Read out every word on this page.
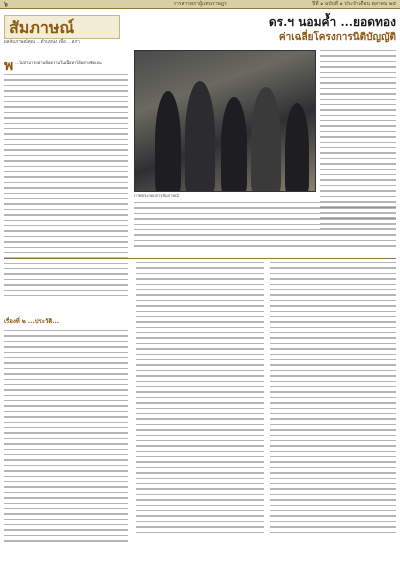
๖	วารสารสภาผู้แทนราษฎร	ปีที่ ๑ ฉบับที่ ๑ ประจำเดือน ตุลาคม ๒๕
สัมภาษณ์
ผลสัมภาษณ์คุณ ...ตำแหน่ง เพื่อ ...สภา
ดร.ฯ นอมค้ำ ...ยอดทอง
ค่าเฉลี่ยโครงการนิติบัญญัติ
ภาพประกอบการสัมภาษณ์
พ ...ไม่สามารถอ่านข้อความในเนื้อหาได้อย่างชัดเจน
เรื่องที่ ๒ ...ประวัติ...
